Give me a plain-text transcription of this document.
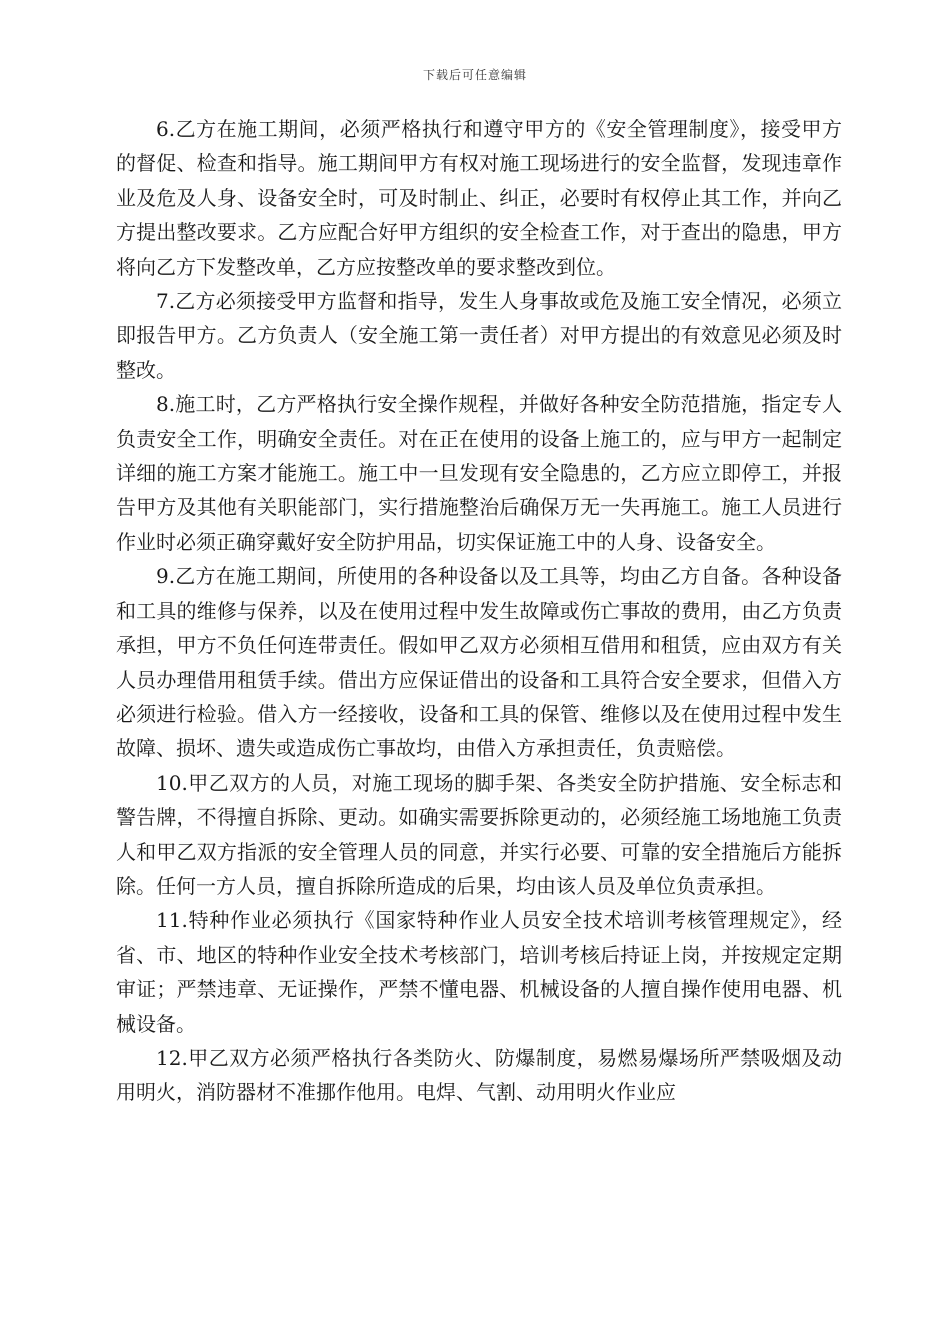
下载后可任意编辑

6.乙方在施工期间，必须严格执行和遵守甲方的《安全管理制度》，接受甲方的督促、检查和指导。施工期间甲方有权对施工现场进行的安全监督，发现违章作业及危及人身、设备安全时，可及时制止、纠正，必要时有权停止其工作，并向乙方提出整改要求。乙方应配合好甲方组织的安全检查工作，对于查出的隐患，甲方将向乙方下发整改单，乙方应按整改单的要求整改到位。

7.乙方必须接受甲方监督和指导，发生人身事故或危及施工安全情况，必须立即报告甲方。乙方负责人（安全施工第一责任者）对甲方提出的有效意见必须及时整改。

8.施工时，乙方严格执行安全操作规程，并做好各种安全防范措施，指定专人负责安全工作，明确安全责任。对在正在使用的设备上施工的，应与甲方一起制定详细的施工方案才能施工。施工中一旦发现有安全隐患的，乙方应立即停工，并报告甲方及其他有关职能部门，实行措施整治后确保万无一失再施工。施工人员进行作业时必须正确穿戴好安全防护用品，切实保证施工中的人身、设备安全。

9.乙方在施工期间，所使用的各种设备以及工具等，均由乙方自备。各种设备和工具的维修与保养，以及在使用过程中发生故障或伤亡事故的费用，由乙方负责承担，甲方不负任何连带责任。假如甲乙双方必须相互借用和租赁，应由双方有关人员办理借用租赁手续。借出方应保证借出的设备和工具符合安全要求，但借入方必须进行检验。借入方一经接收，设备和工具的保管、维修以及在使用过程中发生故障、损坏、遗失或造成伤亡事故均，由借入方承担责任，负责赔偿。

10.甲乙双方的人员，对施工现场的脚手架、各类安全防护措施、安全标志和警告牌，不得擅自拆除、更动。如确实需要拆除更动的，必须经施工场地施工负责人和甲乙双方指派的安全管理人员的同意，并实行必要、可靠的安全措施后方能拆除。任何一方人员，擅自拆除所造成的后果，均由该人员及单位负责承担。

11.特种作业必须执行《国家特种作业人员安全技术培训考核管理规定》，经省、市、地区的特种作业安全技术考核部门，培训考核后持证上岗，并按规定定期审证；严禁违章、无证操作，严禁不懂电器、机械设备的人擅自操作使用电器、机械设备。

12.甲乙双方必须严格执行各类防火、防爆制度，易燃易爆场所严禁吸烟及动用明火，消防器材不准挪作他用。电焊、气割、动用明火作业应
